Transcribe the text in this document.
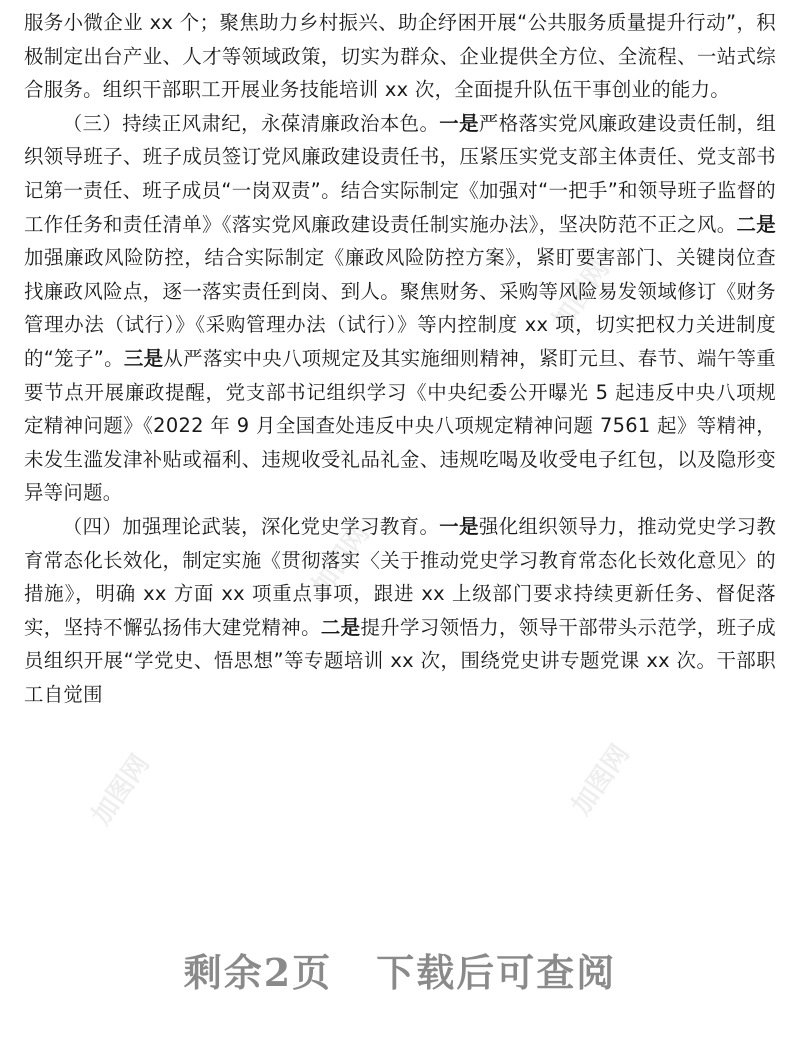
加图网
加图网
加图网	加图网

服务小微企业 xx 个；聚焦助力乡村振兴、助企纾困开展“公共服务质量提升行动”，积极制定出台产业、人才等领域政策，切实为群众、企业提供全方位、全流程、一站式综合服务。组织干部职工开展业务技能培训 xx 次，全面提升队伍干事创业的能力。

（三）持续正风肃纪，永葆清廉政治本色。一是严格落实党风廉政建设责任制，组织领导班子、班子成员签订党风廉政建设责任书，压紧压实党支部主体责任、党支部书记第一责任、班子成员“一岗双责”。结合实际制定《加强对“一把手”和领导班子监督的工作任务和责任清单》《落实党风廉政建设责任制实施办法》，坚决防范不正之风。二是加强廉政风险防控，结合实际制定《廉政风险防控方案》，紧盯要害部门、关键岗位查找廉政风险点，逐一落实责任到岗、到人。聚焦财务、采购等风险易发领域修订《财务管理办法（试行）》《采购管理办法（试行）》等内控制度 xx 项，切实把权力关进制度的“笼子”。三是从严落实中央八项规定及其实施细则精神，紧盯元旦、春节、端午等重要节点开展廉政提醒，党支部书记组织学习《中央纪委公开曝光 5 起违反中央八项规定精神问题》《2022 年 9 月全国查处违反中央八项规定精神问题 7561 起》等精神，未发生滥发津补贴或福利、违规收受礼品礼金、违规吃喝及收受电子红包，以及隐形变异等问题。

（四）加强理论武装，深化党史学习教育。一是强化组织领导力，推动党史学习教育常态化长效化，制定实施《贯彻落实〈关于推动党史学习教育常态化长效化意见〉的措施》，明确 xx 方面 xx 项重点事项，跟进 xx 上级部门要求持续更新任务、督促落实，坚持不懈弘扬伟大建党精神。二是提升学习领悟力，领导干部带头示范学，班子成员组织开展“学党史、悟思想”等专题培训 xx 次，围绕党史讲专题党课 xx 次。干部职工自觉围

剩余2页 下载后可查阅
